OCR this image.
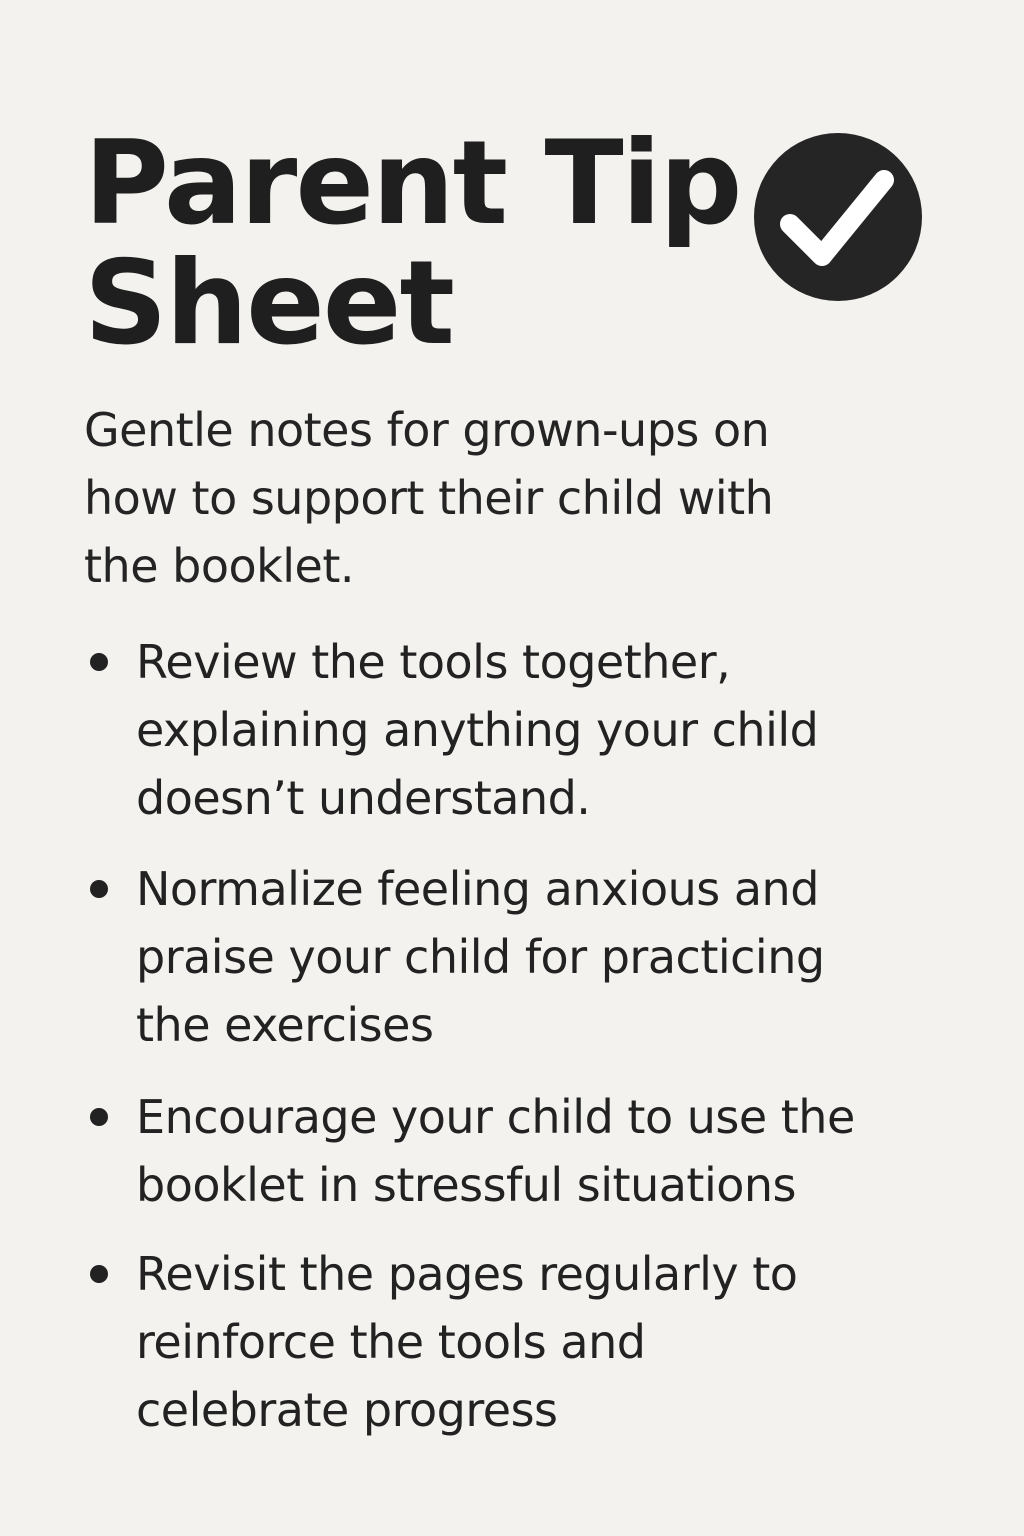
Parent Tip
Sheet

Gentle notes for grown-ups on
how to support their child with
the booklet.

Review the tools together,
explaining anything your child
doesn’t understand.
Normalize feeling anxious and
praise your child for practicing
the exercises
Encourage your child to use the
booklet in stressful situations
Revisit the pages regularly to
reinforce the tools and
celebrate progress
